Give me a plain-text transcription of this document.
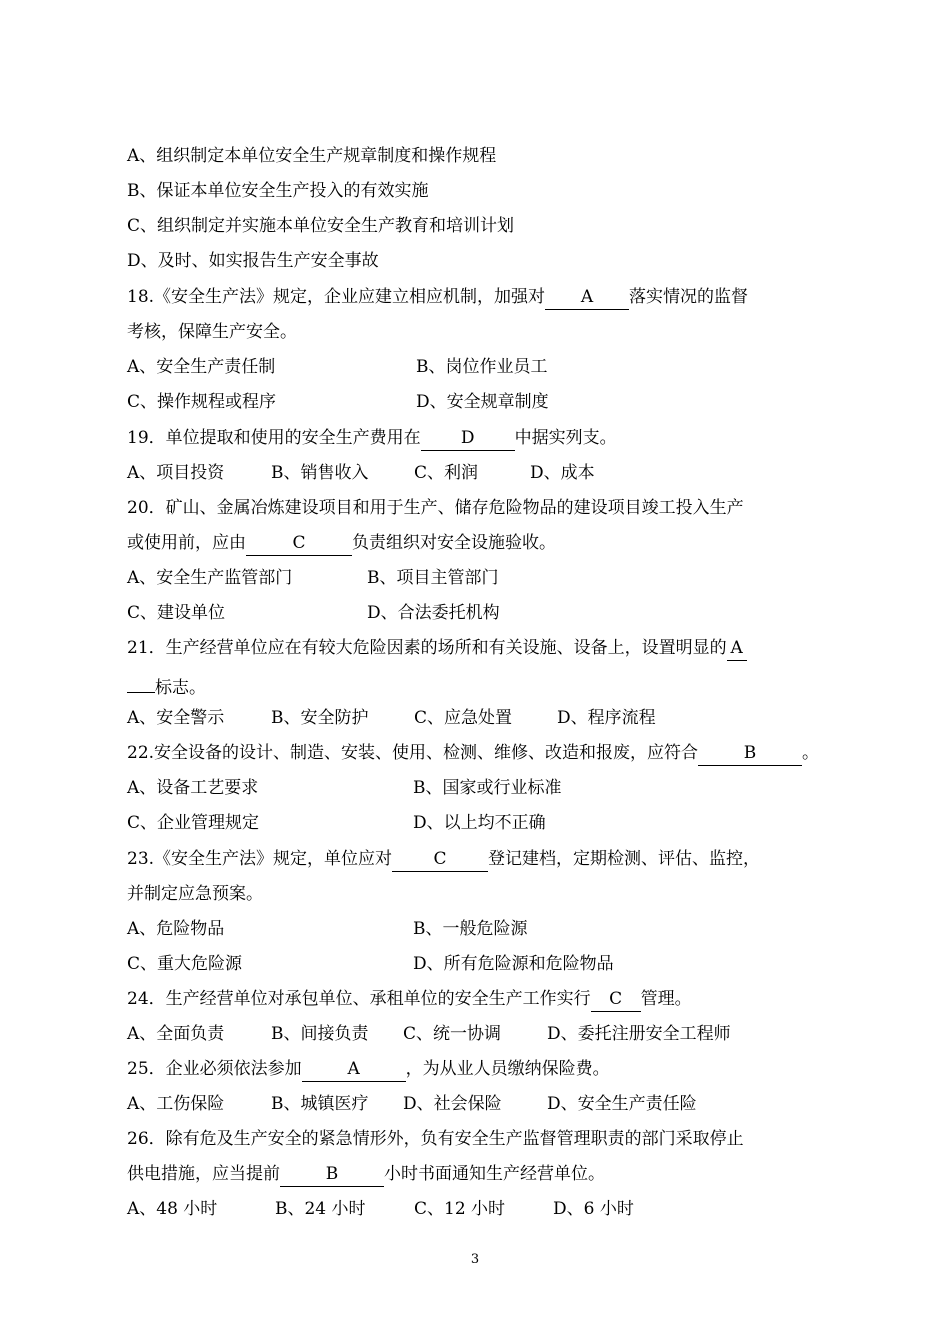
A、组织制定本单位安全生产规章制度和操作规程
B、保证本单位安全生产投入的有效实施
C、组织制定并实施本单位安全生产教育和培训计划
D、及时、如实报告生产安全事故
18.《安全生产法》规定，企业应建立相应机制，加强对 A 落实情况的监督
考核，保障生产安全。
A、安全生产责任制	B、岗位作业员工
C、操作规程或程序	D、安全规章制度
19．单位提取和使用的安全生产费用在 D 中据实列支。
A、项目投资	B、销售收入	C、利润	D、成本
20．矿山、金属冶炼建设项目和用于生产、储存危险物品的建设项目竣工投入生产
或使用前，应由	C	负责组织对安全设施验收。
A、安全生产监管部门	B、项目主管部门
C、建设单位	D、合法委托机构
21．生产经营单位应在有较大危险因素的场所和有关设施、设备上，设置明显的 A
标志。
A、安全警示	B、安全防护	C、应急处置	D、程序流程
22.安全设备的设计、制造、安装、使用、检测、维修、改造和报废，应符合	B	。
A、设备工艺要求	B、国家或行业标准
C、企业管理规定	D、以上均不正确
23.《安全生产法》规定，单位应对 C 登记建档，定期检测、评估、监控，
并制定应急预案。
A、危险物品	B、一般危险源
C、重大危险源	D、所有危险源和危险物品
24．生产经营单位对承包单位、承租单位的安全生产工作实行 C 管理。
A、全面负责	B、间接负责 C、统一协调	D、委托注册安全工程师
25．企业必须依法参加	A	，为从业人员缴纳保险费。
A、工伤保险	B、城镇医疗 D、社会保险	D、安全生产责任险
26．除有危及生产安全的紧急情形外，负有安全生产监督管理职责的部门采取停止
供电措施，应当提前	B	小时书面通知生产经营单位。
A、48 小时	B、24 小时	C、12 小时	D、6 小时
3
